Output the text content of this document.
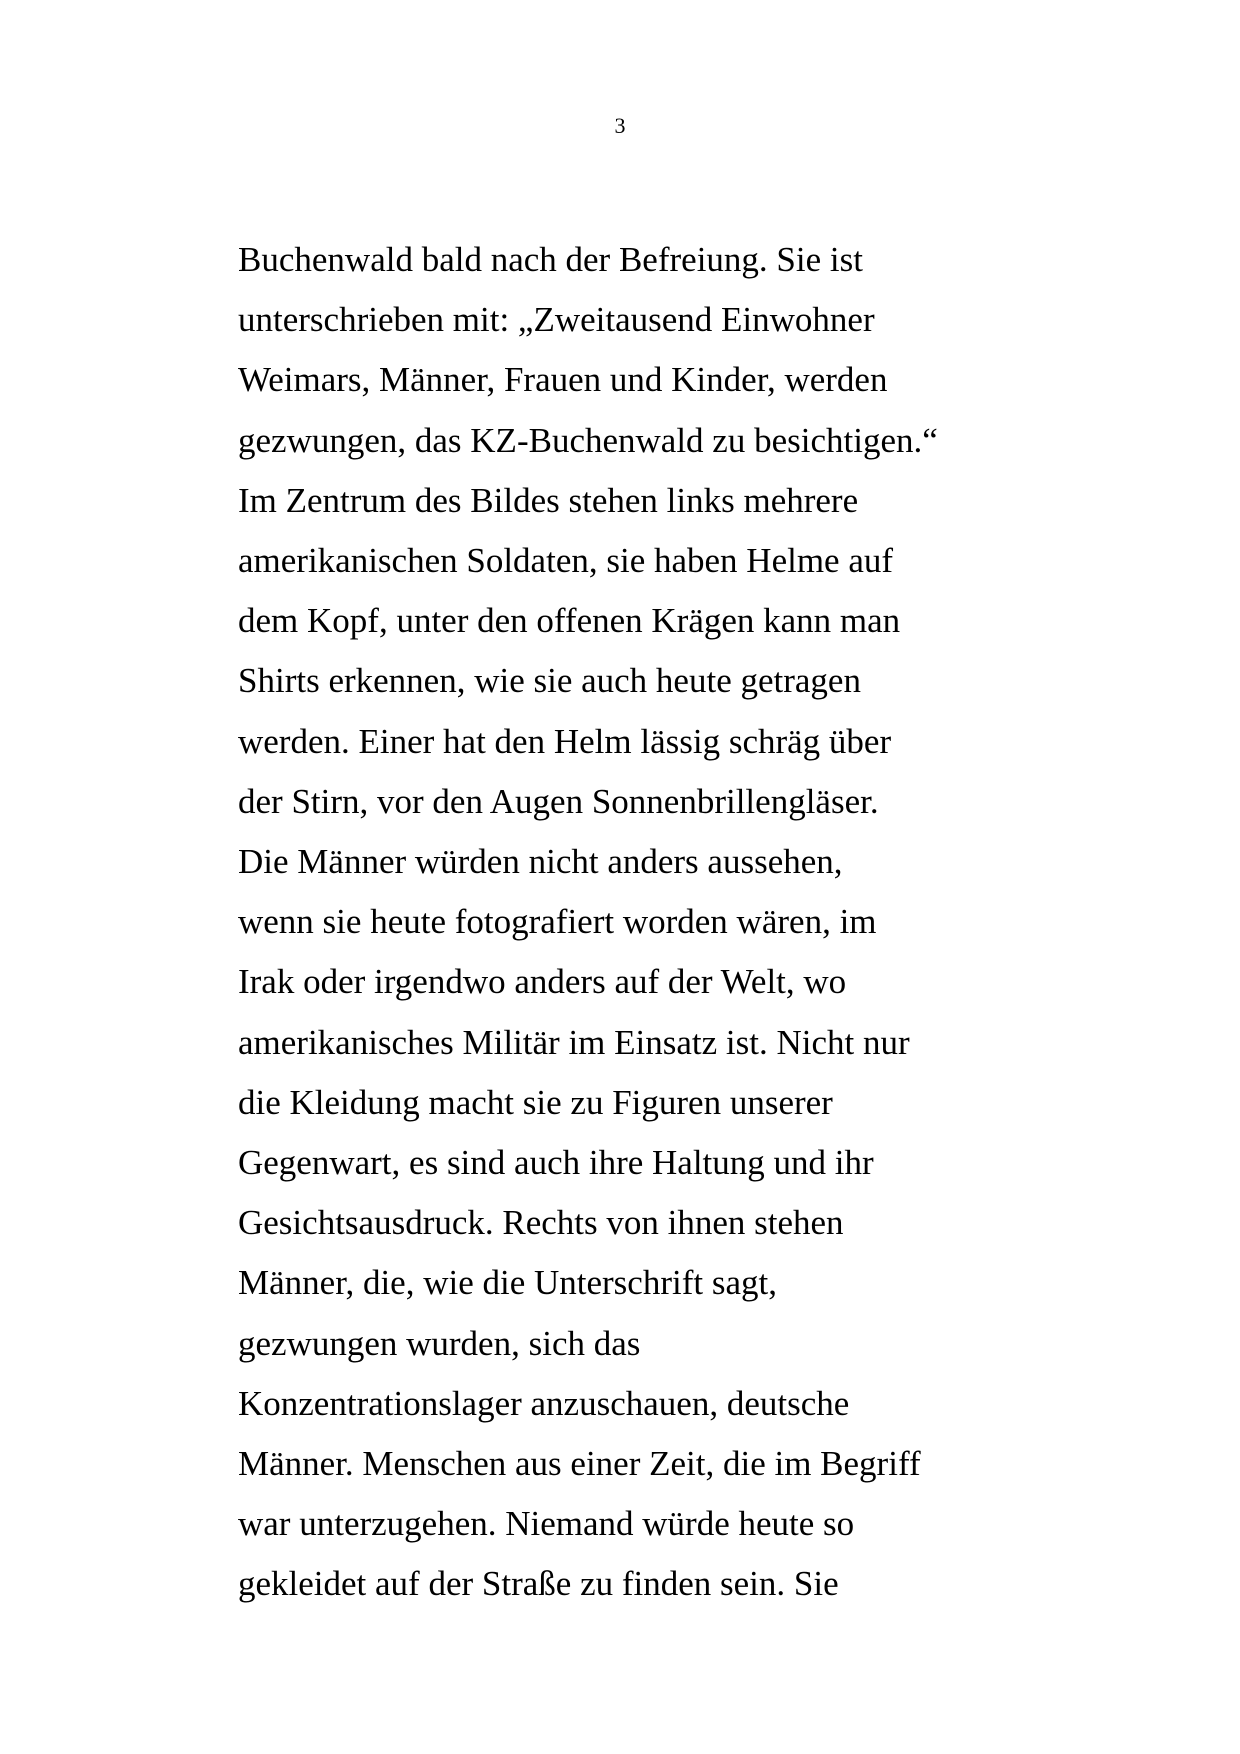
3

Buchenwald bald nach der Befreiung. Sie ist
unterschrieben mit: „Zweitausend Einwohner
Weimars, Männer, Frauen und Kinder, werden
gezwungen, das KZ-Buchenwald zu besichtigen.“
Im Zentrum des Bildes stehen links mehrere
amerikanischen Soldaten, sie haben Helme auf
dem Kopf, unter den offenen Krägen kann man
Shirts erkennen, wie sie auch heute getragen
werden. Einer hat den Helm lässig schräg über
der Stirn, vor den Augen Sonnenbrillengläser.
Die Männer würden nicht anders aussehen,
wenn sie heute fotografiert worden wären, im
Irak oder irgendwo anders auf der Welt, wo
amerikanisches Militär im Einsatz ist. Nicht nur
die Kleidung macht sie zu Figuren unserer
Gegenwart, es sind auch ihre Haltung und ihr
Gesichtsausdruck. Rechts von ihnen stehen
Männer, die, wie die Unterschrift sagt,
gezwungen wurden, sich das
Konzentrationslager anzuschauen, deutsche
Männer. Menschen aus einer Zeit, die im Begriff
war unterzugehen. Niemand würde heute so
gekleidet auf der Straße zu finden sein. Sie
